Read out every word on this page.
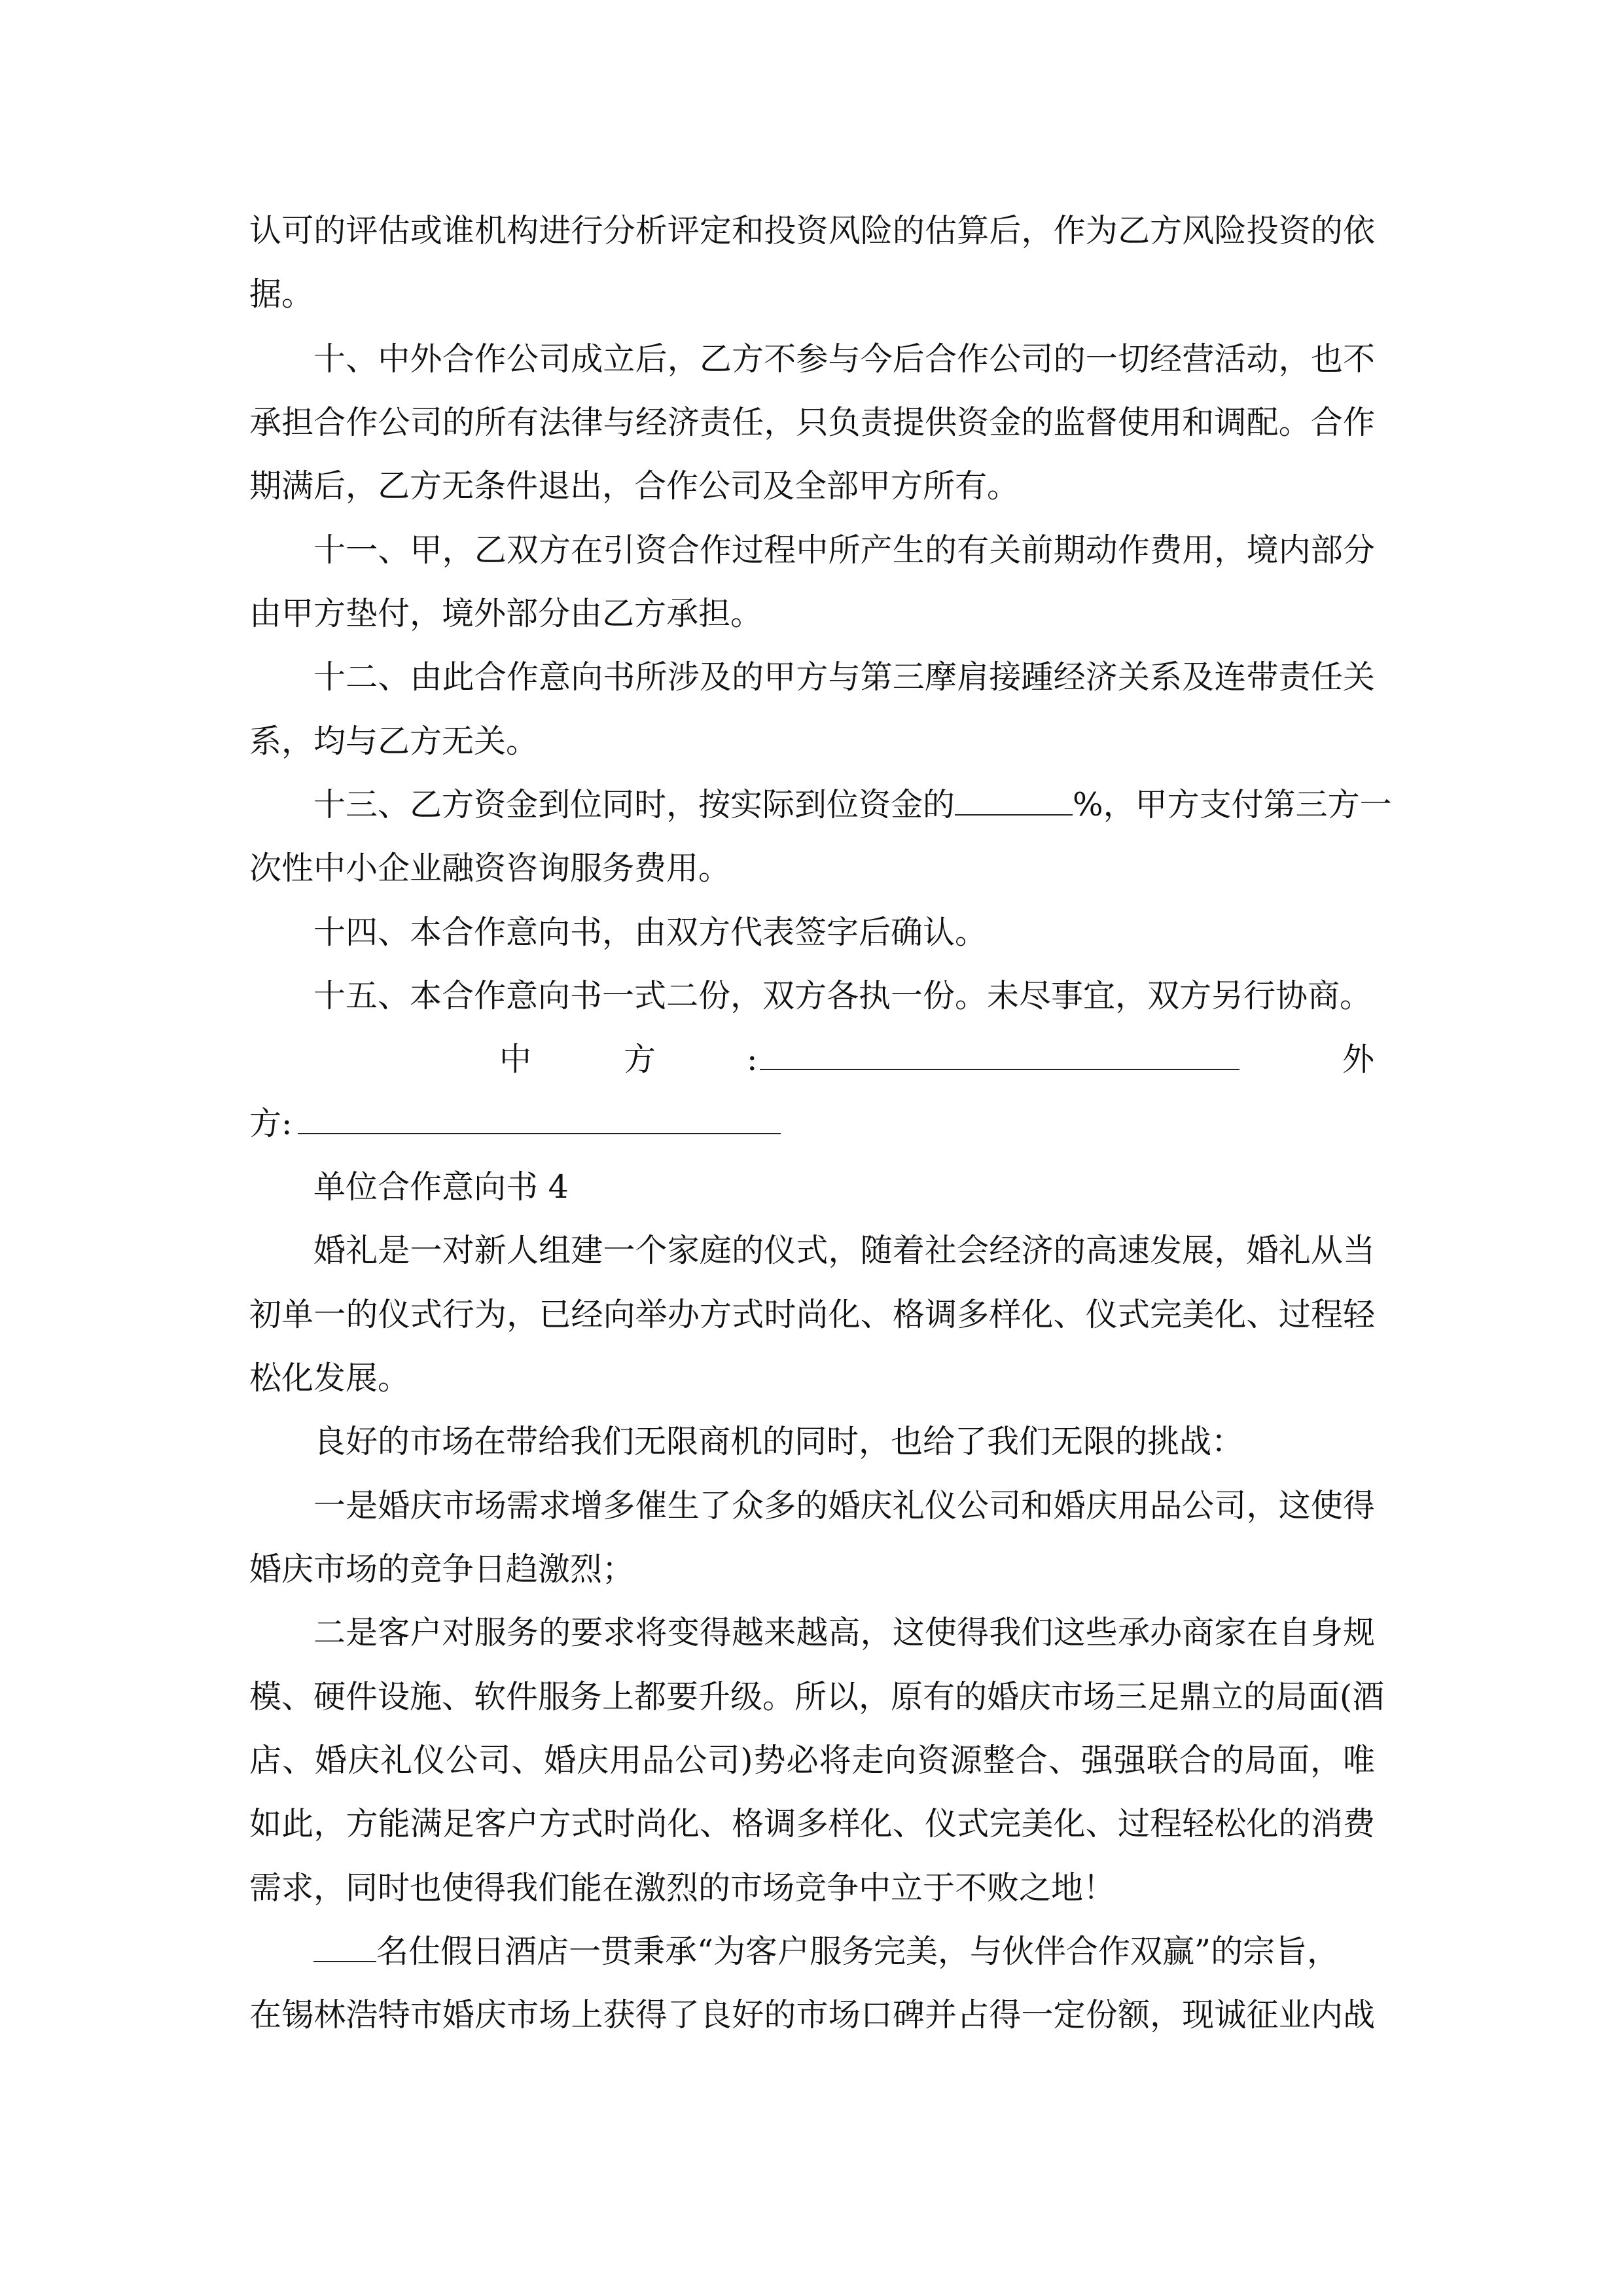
认可的评估或谁机构进行分析评定和投资风险的估算后，作为乙方风险投资的依
据。
十、中外合作公司成立后，乙方不参与今后合作公司的一切经营活动，也不
承担合作公司的所有法律与经济责任，只负责提供资金的监督使用和调配。合作
期满后，乙方无条件退出，合作公司及全部甲方所有。
十一、甲，乙双方在引资合作过程中所产生的有关前期动作费用，境内部分
由甲方垫付，境外部分由乙方承担。
十二、由此合作意向书所涉及的甲方与第三摩肩接踵经济关系及连带责任关
系，均与乙方无关。
十三、乙方资金到位同时，按实际到位资金的	%，甲方支付第三方一
次性中小企业融资咨询服务费用。
十四、本合作意向书，由双方代表签字后确认。
十五、本合作意向书一式二份，双方各执一份。未尽事宜，双方另行协商。
中	方	:	外
方:
单位合作意向书 4
婚礼是一对新人组建一个家庭的仪式，随着社会经济的高速发展，婚礼从当
初单一的仪式行为，已经向举办方式时尚化、格调多样化、仪式完美化、过程轻
松化发展。
良好的市场在带给我们无限商机的同时，也给了我们无限的挑战：
一是婚庆市场需求增多催生了众多的婚庆礼仪公司和婚庆用品公司，这使得
婚庆市场的竞争日趋激烈；
二是客户对服务的要求将变得越来越高，这使得我们这些承办商家在自身规
模、硬件设施、软件服务上都要升级。所以，原有的婚庆市场三足鼎立的局面(酒
店、婚庆礼仪公司、婚庆用品公司)势必将走向资源整合、强强联合的局面，唯
如此，方能满足客户方式时尚化、格调多样化、仪式完美化、过程轻松化的消费
需求，同时也使得我们能在激烈的市场竞争中立于不败之地！
名仕假日酒店一贯秉承“为客户服务完美，与伙伴合作双赢”的宗旨，
在锡林浩特市婚庆市场上获得了良好的市场口碑并占得一定份额，现诚征业内战
